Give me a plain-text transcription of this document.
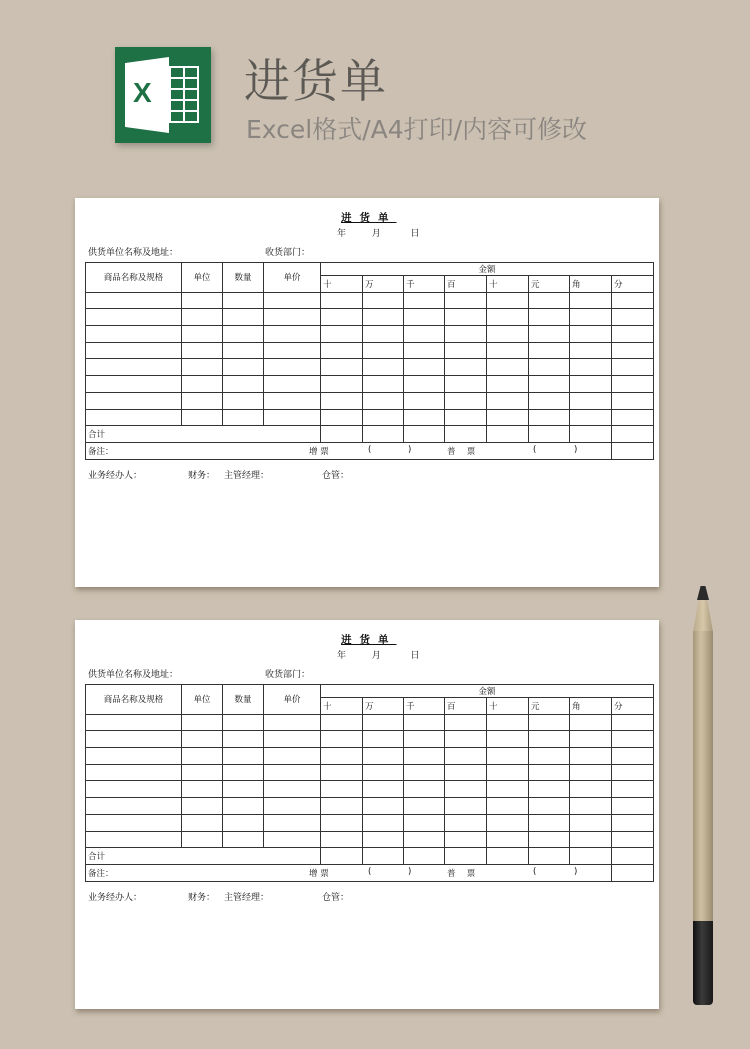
X 进货单
Excel格式/A4打印/内容可修改
进货单
年	月	日
供货单位名称及地址：	收货部门：
商品名称及规格	单位	数量	单价	金额							
				十	万	千	百	十	元	角	分

合计											
备注：	增 票	(	)	普　 票	(	)

业务经办人：	财务： 主管经理：	仓管：
进货单
年	月	日
供货单位名称及地址：	收货部门：
商品名称及规格	单位	数量	单价	金额							
				十	万	千	百	十	元	角	分

合计											
备注：	增 票	(	)	普　 票	(	)

业务经办人：	财务： 主管经理：	仓管：
